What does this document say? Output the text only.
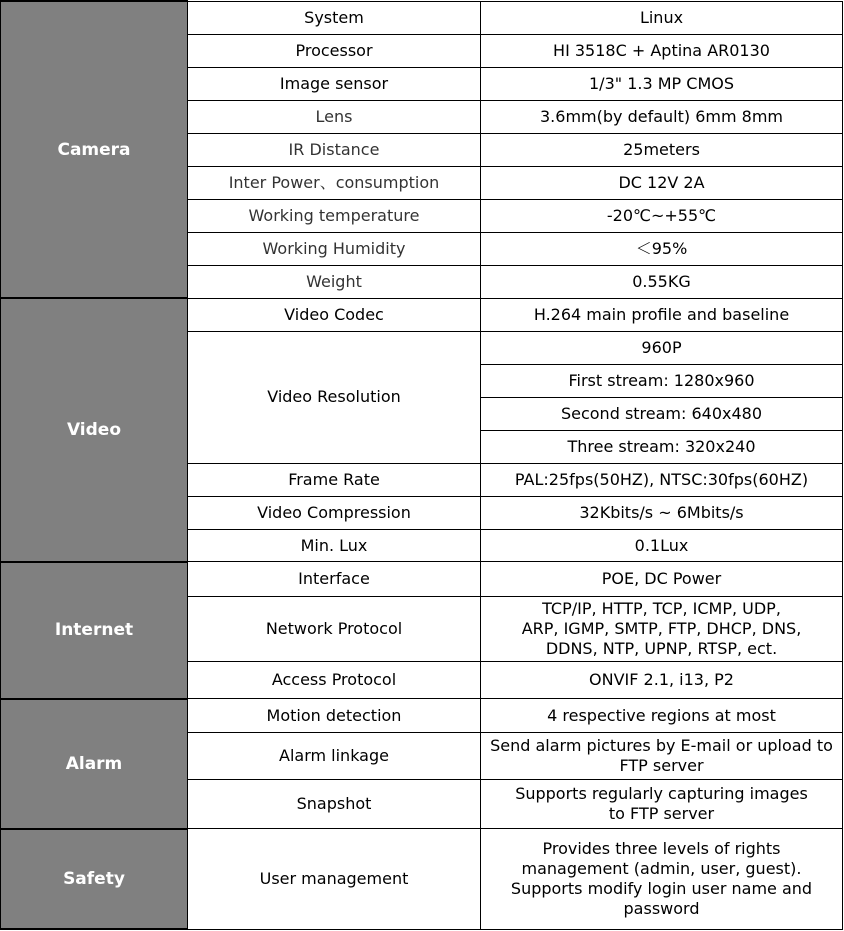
Camera	System	Linux
	Processor	HI 3518C + Aptina AR0130
	Image sensor	1/3" 1.3 MP CMOS
	Lens	3.6mm(by default) 6mm 8mm
	IR Distance	25meters
	Inter Power、consumption	DC 12V 2A
	Working temperature	-20℃~+55℃
	Working Humidity	＜95%
	Weight	0.55KG
Video	Video Codec	H.264 main profile and baseline
	Video Resolution	960P
		First stream: 1280x960
		Second stream: 640x480
		Three stream: 320x240
	Frame Rate	PAL:25fps(50HZ), NTSC:30fps(60HZ)
	Video Compression	32Kbits/s ~ 6Mbits/s
	Min. Lux	0.1Lux
Internet	Interface	POE, DC Power
	Network Protocol	TCP/IP, HTTP, TCP, ICMP, UDP,
ARP, IGMP, SMTP, FTP, DHCP, DNS,
DDNS, NTP, UPNP, RTSP, ect.

	Access Protocol	ONVIF 2.1, i13, P2
Alarm	Motion detection	4 respective regions at most
	Alarm linkage	Send alarm pictures by E-mail or upload to
FTP server

	Snapshot	Supports regularly capturing images
to FTP server

Safety	User management	Provides three levels of rights
management (admin, user, guest).
Supports modify login user name and
password
